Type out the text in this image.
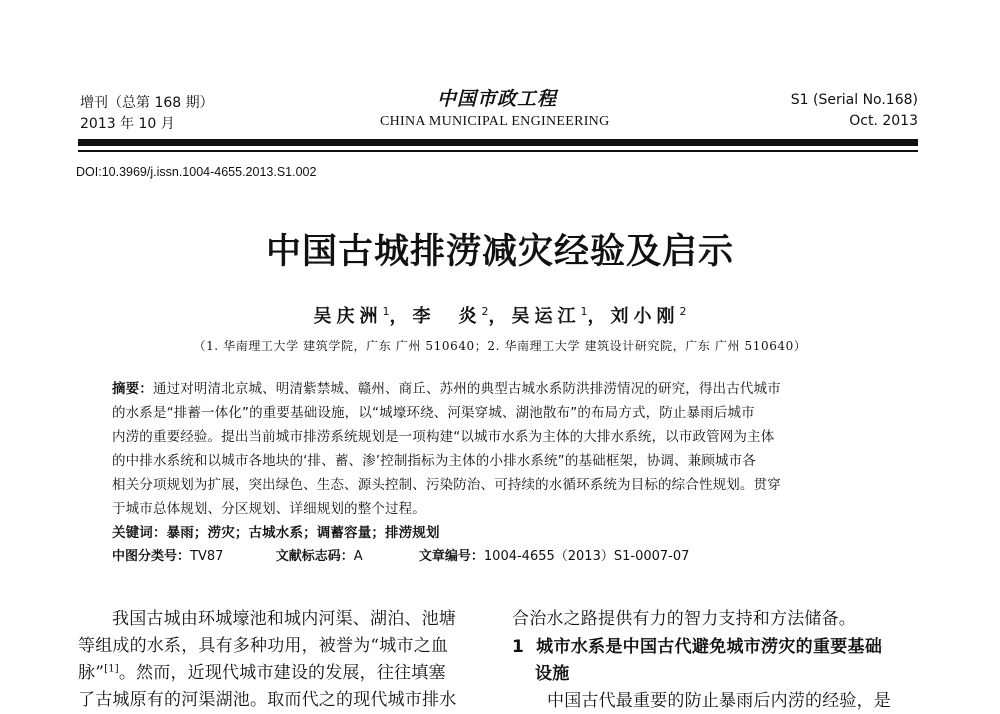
增刊（总第 168 期）
2013 年 10 月
中国市政工程
CHINA MUNICIPAL ENGINEERING
S1 (Serial No.168)
Oct. 2013
DOI:10.3969/j.issn.1004-4655.2013.S1.002
中国古城排涝减灾经验及启示
吴庆洲$^1$，李　炎$^2$，吴运江$^1$，刘小刚$^2$
（1. 华南理工大学 建筑学院，广东 广州 510640；2. 华南理工大学 建筑设计研究院，广东 广州 510640）
摘要：通过对明清北京城、明清紫禁城、赣州、商丘、苏州的典型古城水系防洪排涝情况的研究，得出古代城市
的水系是“排蓄一体化”的重要基础设施，以“城壕环绕、河渠穿城、湖池散布”的布局方式，防止暴雨后城市
内涝的重要经验。提出当前城市排涝系统规划是一项构建“以城市水系为主体的大排水系统，以市政管网为主体
的中排水系统和以城市各地块的‘排、蓄、渗’控制指标为主体的小排水系统”的基础框架，协调、兼顾城市各
相关分项规划为扩展，突出绿色、生态、源头控制、污染防治、可持续的水循环系统为目标的综合性规划。贯穿
于城市总体规划、分区规划、详细规划的整个过程。
关键词：暴雨；涝灾；古城水系；调蓄容量；排涝规划
中图分类号：TV87	文献标志码：A	文章编号：1004-4655（2013）S1-0007-07
我国古城由环城壕池和城内河渠、湖泊、池塘
等组成的水系，具有多种功用，被誉为“城市之血
脉”[1]。然而，近现代城市建设的发展，往往填塞
了古城原有的河渠湖池。取而代之的现代城市排水
合治水之路提供有力的智力支持和方法储备。
1 城市水系是中国古代避免城市涝灾的重要基础
设施
中国古代最重要的防止暴雨后内涝的经验，是
